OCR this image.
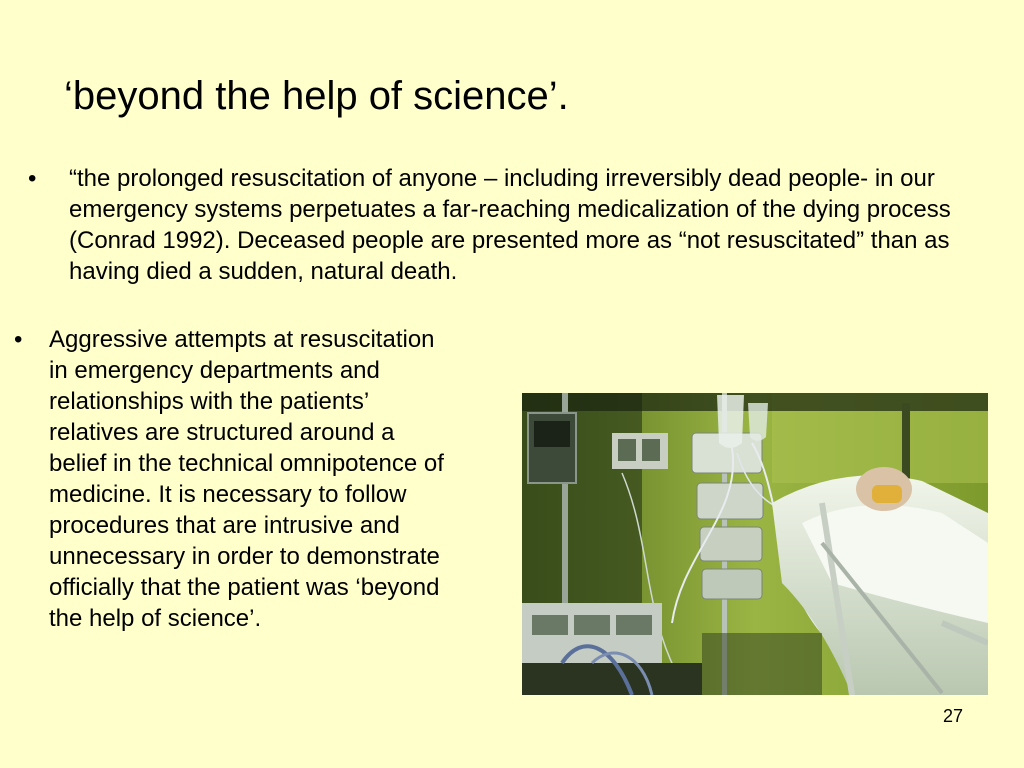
‘beyond the help of science’.
• “the prolonged resuscitation of anyone – including irreversibly dead people- in our emergency systems perpetuates a far-reaching medicalization of the dying process (Conrad 1992). Deceased people are presented more as “not resuscitated” than as having died a sudden, natural death.
• Aggressive attempts at resuscitation in emergency departments and relationships with the patients’ relatives are structured around a belief in the technical omnipotence of medicine. It is necessary to follow procedures that are intrusive and unnecessary in order to demonstrate officially that the patient was ‘beyond the help of science’.
27
